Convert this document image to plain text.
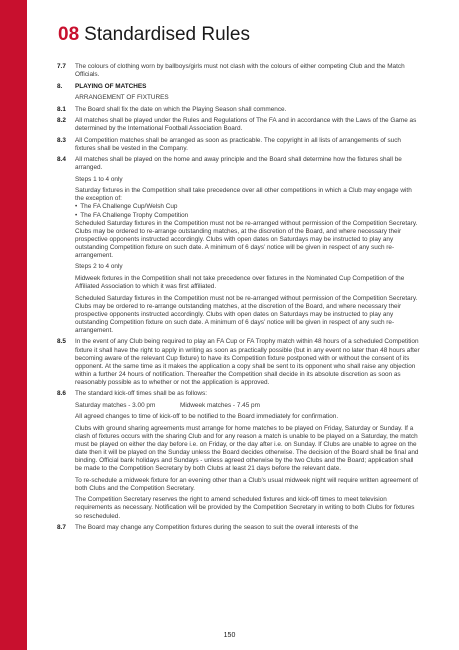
08 Standardised Rules
7.7	The colours of clothing worn by ballboys/girls must not clash with the colours of either competing Club and the Match Officials.
8.	PLAYING OF MATCHES
ARRANGEMENT OF FIXTURES
8.1	The Board shall fix the date on which the Playing Season shall commence.
8.2	All matches shall be played under the Rules and Regulations of The FA and in accordance with the Laws of the Game as determined by the International Football Association Board.
8.3	All Competition matches shall be arranged as soon as practicable. The copyright in all lists of arrangements of such fixtures shall be vested in the Company.
8.4	All matches shall be played on the home and away principle and the Board shall determine how the fixtures shall be arranged.
Steps 1 to 4 only
Saturday fixtures in the Competition shall take precedence over all other competitions in which a Club may engage with the exception of:
• The FA Challenge Cup/Welsh Cup
• The FA Challenge Trophy Competition
Scheduled Saturday fixtures in the Competition must not be re-arranged without permission of the Competition Secretary. Clubs may be ordered to re-arrange outstanding matches, at the discretion of the Board, and where necessary their prospective opponents instructed accordingly. Clubs with open dates on Saturdays may be instructed to play any outstanding Competition fixture on such date. A minimum of 6 days’ notice will be given in respect of any such re-arrangement.
Steps 2 to 4 only
Midweek fixtures in the Competition shall not take precedence over fixtures in the Nominated Cup Competition of the Affiliated Association to which it was first affiliated.
Scheduled Saturday fixtures in the Competition must not be re-arranged without permission of the Competition Secretary. Clubs may be ordered to re-arrange outstanding matches, at the discretion of the Board, and where necessary their prospective opponents instructed accordingly. Clubs with open dates on Saturdays may be instructed to play any outstanding Competition fixture on such date. A minimum of 6 days’ notice will be given in respect of any such re-arrangement.
8.5	In the event of any Club being required to play an FA Cup or FA Trophy match within 48 hours of a scheduled Competition fixture it shall have the right to apply in writing as soon as practically possible (but in any event no later than 48 hours after becoming aware of the relevant Cup fixture) to have its Competition fixture postponed with or without the consent of its opponent. At the same time as it makes the application a copy shall be sent to its opponent who shall raise any objection within a further 24 hours of notification. Thereafter the Competition shall decide in its absolute discretion as soon as reasonably possible as to whether or not the application is approved.
8.6	The standard kick-off times shall be as follows:
Saturday matches - 3.00 pm	Midweek matches - 7.45 pm
All agreed changes to time of kick-off to be notified to the Board immediately for confirmation.
Clubs with ground sharing agreements must arrange for home matches to be played on Friday, Saturday or Sunday. If a clash of fixtures occurs with the sharing Club and for any reason a match is unable to be played on a Saturday, the match must be played on either the day before i.e. on Friday, or the day after i.e. on Sunday. If Clubs are unable to agree on the date then it will be played on the Sunday unless the Board decides otherwise. The decision of the Board shall be final and binding. Official bank holidays and Sundays - unless agreed otherwise by the two Clubs and the Board; application shall be made to the Competition Secretary by both Clubs at least 21 days before the relevant date.
To re-schedule a midweek fixture for an evening other than a Club’s usual midweek night will require written agreement of both Clubs and the Competition Secretary.
The Competition Secretary reserves the right to amend scheduled fixtures and kick-off times to meet television requirements as necessary. Notification will be provided by the Competition Secretary in writing to both Clubs for fixtures so rescheduled.
8.7	The Board may change any Competition fixtures during the season to suit the overall interests of the
150
